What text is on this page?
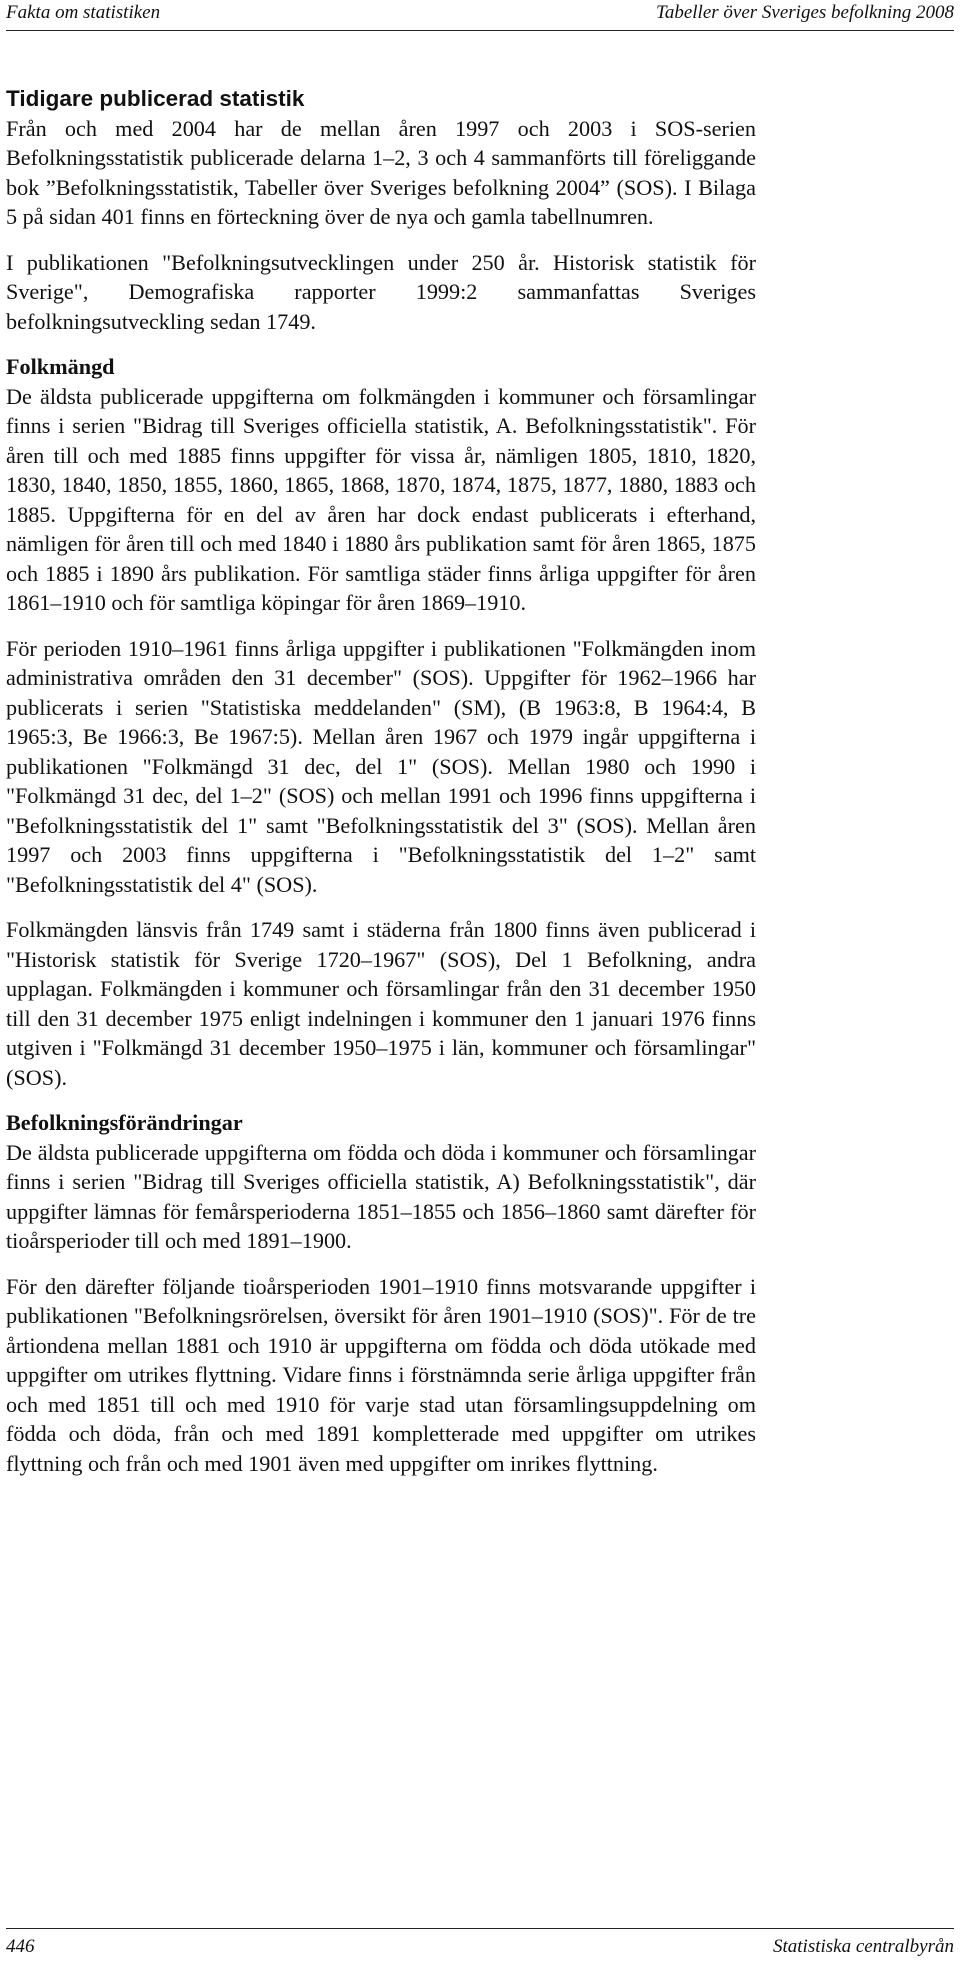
Fakta om statistiken	Tabeller över Sveriges befolkning 2008
Tidigare publicerad statistik

Från och med 2004 har de mellan åren 1997 och 2003 i SOS-serien Befolkningsstatistik publicerade delarna 1–2, 3 och 4 sammanförts till föreliggande bok ”Befolkningsstatistik, Tabeller över Sveriges befolkning 2004” (SOS). I Bilaga 5 på sidan 401 finns en förteckning över de nya och gamla tabellnumren.

I publikationen "Befolkningsutvecklingen under 250 år. Historisk statistik för Sverige", Demografiska rapporter 1999:2 sammanfattas Sveriges befolkningsutveckling sedan 1749.

Folkmängd

De äldsta publicerade uppgifterna om folkmängden i kommuner och församlingar finns i serien "Bidrag till Sveriges officiella statistik, A. Befolkningsstatistik". För åren till och med 1885 finns uppgifter för vissa år, nämligen 1805, 1810, 1820, 1830, 1840, 1850, 1855, 1860, 1865, 1868, 1870, 1874, 1875, 1877, 1880, 1883 och 1885. Uppgifterna för en del av åren har dock endast publicerats i efterhand, nämligen för åren till och med 1840 i 1880 års publikation samt för åren 1865, 1875 och 1885 i 1890 års publikation. För samtliga städer finns årliga uppgifter för åren 1861–1910 och för samtliga köpingar för åren 1869–1910.

För perioden 1910–1961 finns årliga uppgifter i publikationen "Folkmängden inom administrativa områden den 31 december" (SOS). Uppgifter för 1962–1966 har publicerats i serien "Statistiska meddelanden" (SM), (B 1963:8, B 1964:4, B 1965:3, Be 1966:3, Be 1967:5). Mellan åren 1967 och 1979 ingår uppgifterna i publikationen "Folkmängd 31 dec, del 1" (SOS). Mellan 1980 och 1990 i "Folkmängd 31 dec, del 1–2" (SOS) och mellan 1991 och 1996 finns uppgifterna i "Befolkningsstatistik del 1" samt "Befolkningsstatistik del 3" (SOS). Mellan åren 1997 och 2003 finns uppgifterna i "Befolkningsstatistik del 1–2" samt "Befolkningsstatistik del 4" (SOS).

Folkmängden länsvis från 1749 samt i städerna från 1800 finns även publicerad i "Historisk statistik för Sverige 1720–1967" (SOS), Del 1 Befolkning, andra upplagan. Folkmängden i kommuner och församlingar från den 31 december 1950 till den 31 december 1975 enligt indelningen i kommuner den 1 januari 1976 finns utgiven i "Folkmängd 31 december 1950–1975 i län, kommuner och församlingar" (SOS).

Befolkningsförändringar

De äldsta publicerade uppgifterna om födda och döda i kommuner och församlingar finns i serien "Bidrag till Sveriges officiella statistik, A) Befolkningsstatistik", där uppgifter lämnas för femårsperioderna 1851–1855 och 1856–1860 samt därefter för tioårsperioder till och med 1891–1900.

För den därefter följande tioårsperioden 1901–1910 finns motsvarande uppgifter i publikationen "Befolkningsrörelsen, översikt för åren 1901–1910 (SOS)". För de tre årtiondena mellan 1881 och 1910 är uppgifterna om födda och döda utökade med uppgifter om utrikes flyttning. Vidare finns i förstnämnda serie årliga uppgifter från och med 1851 till och med 1910 för varje stad utan församlingsuppdelning om födda och döda, från och med 1891 kompletterade med uppgifter om utrikes flyttning och från och med 1901 även med uppgifter om inrikes flyttning.

446	Statistiska centralbyrån
